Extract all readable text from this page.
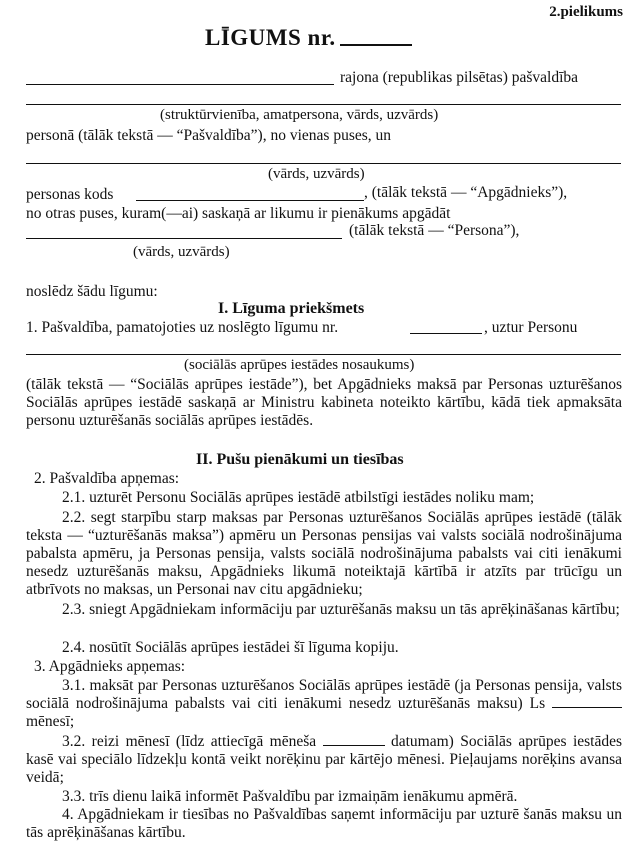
2.pielikums
LĪGUMS nr.
rajona (republikas pilsētas) pašvaldība
(struktūrvienība, amatpersona, vārds, uzvārds)
personā (tālāk tekstā — “Pašvaldība”), no vienas puses, un
(vārds, uzvārds)
personas kods	, (tālāk tekstā — “Apgādnieks”),
no otras puses, kuram(—ai) saskaņā ar likumu ir pienākums apgādāt
(tālāk tekstā — “Persona”),
(vārds, uzvārds)
noslēdz šādu līgumu:
I. Līguma priekšmets
1. Pašvaldība, pamatojoties uz noslēgto līgumu nr.	, uztur Personu
(sociālās aprūpes iestādes nosaukums)
(tālāk tekstā — “Sociālās aprūpes iestāde”), bet Apgādnieks maksā par Personas uzturēšanos Sociālās aprūpes iestādē saskaņā ar Ministru kabineta noteikto kārtību, kādā tiek apmaksāta personu uzturēšanās sociālās aprūpes iestādēs.
II. Pušu pienākumi un tiesības
2. Pašvaldība apņemas:
2.1. uzturēt Personu Sociālās aprūpes iestādē atbilstīgi iestādes noliku mam;
2.2. segt starpību starp maksas par Personas uzturēšanos Sociālās aprūpes iestādē (tālāk teksta — “uzturēšanās maksa”) apmēru un Personas pensijas vai valsts sociālā nodrošinājuma pabalsta apmēru, ja Personas pensija, valsts sociālā nodrošinājuma pabalsts vai citi ienākumi nesedz uzturēšanās maksu, Apgādnieks likumā noteiktajā kārtībā ir atzīts par trūcīgu un atbrīvots no maksas, un Personai nav citu apgādnieku;
2.3. sniegt Apgādniekam informāciju par uzturēšanās maksu un tās aprēķināšanas kārtību;
2.4. nosūtīt Sociālās aprūpes iestādei šī līguma kopiju.
3. Apgādnieks apņemas:
3.1. maksāt par Personas uzturēšanos Sociālās aprūpes iestādē (ja Personas pensija, valsts sociālā nodrošinājuma pabalsts vai citi ienākumi nesedz uzturēšanās maksu) Ls  mēnesī;
3.2. reizi mēnesī (līdz attiecīgā mēneša	datumam) Sociālās aprūpes iestādes kasē vai speciālo līdzekļu kontā veikt norēķinu par kārtējo mēnesi. Pieļaujams norēķins avansa veidā;
3.3. trīs dienu laikā informēt Pašvaldību par izmaiņām ienākumu apmērā.
4. Apgādniekam ir tiesības no Pašvaldības saņemt informāciju par uzturē šanās maksu un tās aprēķināšanas kārtību.
